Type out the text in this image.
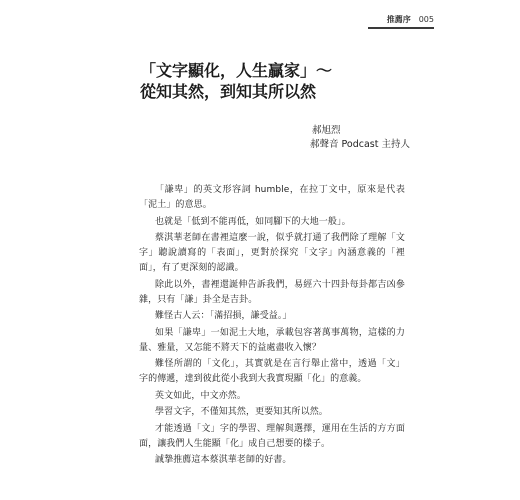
推薦序 005
「文字顯化，人生贏家」～
從知其然，到知其所以然
郝旭烈
郝聲音 Podcast 主持人

「謙卑」的英文形容詞 humble，在拉丁文中，原來是代表「泥土」的意思。

也就是「低到不能再低，如同腳下的大地一般」。

蔡淇華老師在書裡這麼一說，似乎就打通了我們除了理解「文字」聽說讀寫的「表面」，更對於探究「文字」內涵意義的「裡面」，有了更深刻的認識。

除此以外，書裡還誕伸告訴我們，易經六十四卦每卦都吉凶參雜，只有「謙」卦全是吉卦。

難怪古人云：「滿招損，謙受益。」

如果「謙卑」一如泥土大地，承載包容著萬事萬物，這樣的力量、雅量，又怎能不將天下的益處盡收入懷？

難怪所謂的「文化」，其實就是在言行舉止當中，透過「文」字的傳遞，達到彼此從小我到大我實現顯「化」的意義。

英文如此，中文亦然。

學習文字，不僅知其然，更要知其所以然。

才能透過「文」字的學習、理解與選擇，運用在生活的方方面面，讓我們人生能顯「化」成自己想要的樣子。

誠摯推薦這本蔡淇華老師的好書。
